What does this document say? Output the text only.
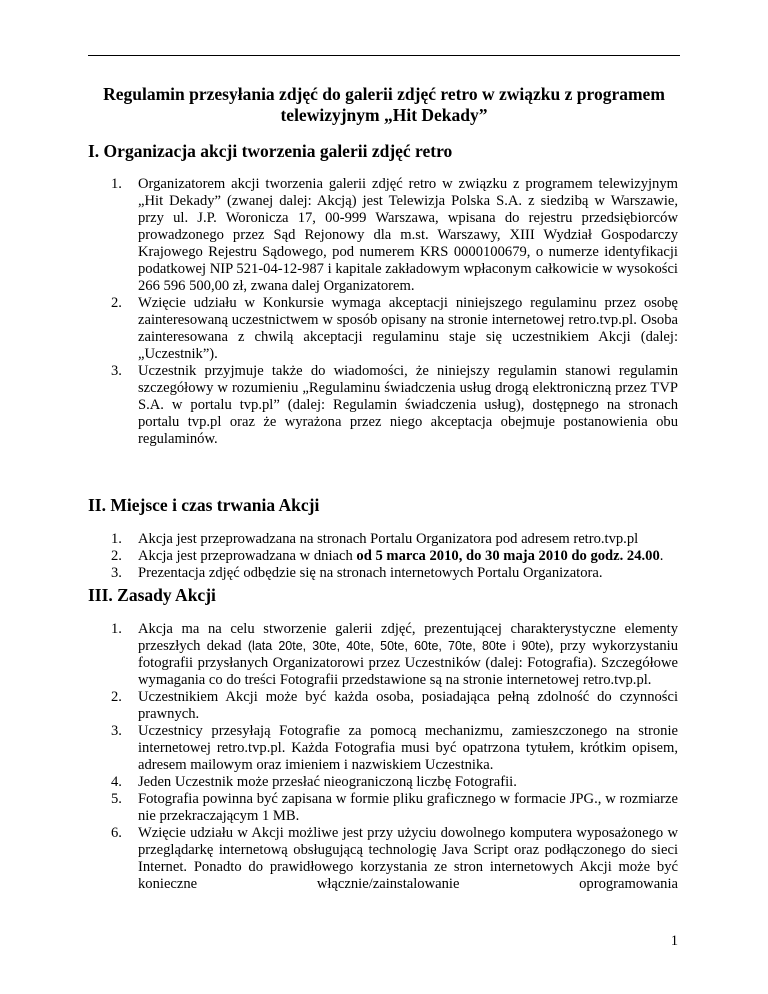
Regulamin przesyłania zdjęć do galerii zdjęć retro w związku z programem telewizyjnym „Hit Dekady”
I. Organizacja akcji tworzenia galerii zdjęć retro
1. Organizatorem akcji tworzenia galerii zdjęć retro w związku z programem telewizyjnym „Hit Dekady” (zwanej dalej: Akcją) jest Telewizja Polska S.A. z siedzibą w Warszawie, przy ul. J.P. Woronicza 17, 00-999 Warszawa, wpisana do rejestru przedsiębiorców prowadzonego przez Sąd Rejonowy dla m.st. Warszawy, XIII Wydział Gospodarczy Krajowego Rejestru Sądowego, pod numerem KRS 0000100679, o numerze identyfikacji podatkowej NIP 521-04-12-987 i kapitale zakładowym wpłaconym całkowicie w wysokości 266 596 500,00 zł, zwana dalej Organizatorem.
2. Wzięcie udziału w Konkursie wymaga akceptacji niniejszego regulaminu przez osobę zainteresowaną uczestnictwem w sposób opisany na stronie internetowej retro.tvp.pl. Osoba zainteresowana z chwilą akceptacji regulaminu staje się uczestnikiem Akcji (dalej: „Uczestnik”).
3. Uczestnik przyjmuje także do wiadomości, że niniejszy regulamin stanowi regulamin szczegółowy w rozumieniu „Regulaminu świadczenia usług drogą elektroniczną przez TVP S.A. w portalu tvp.pl” (dalej: Regulamin świadczenia usług), dostępnego na stronach portalu tvp.pl oraz że wyrażona przez niego akceptacja obejmuje postanowienia obu regulaminów.
II. Miejsce i czas trwania Akcji
1. Akcja jest przeprowadzana na stronach Portalu Organizatora pod adresem retro.tvp.pl
2. Akcja jest przeprowadzana w dniach od 5 marca 2010, do 30 maja 2010 do godz. 24.00.
3. Prezentacja zdjęć odbędzie się na stronach internetowych Portalu Organizatora.
III. Zasady Akcji
1. Akcja ma na celu stworzenie galerii zdjęć, prezentującej charakterystyczne elementy przeszłych dekad (lata 20te, 30te, 40te, 50te, 60te, 70te, 80te i 90te), przy wykorzystaniu fotografii przysłanych Organizatorowi przez Uczestników (dalej: Fotografia). Szczegółowe wymagania co do treści Fotografii przedstawione są na stronie internetowej retro.tvp.pl.
2. Uczestnikiem Akcji może być każda osoba, posiadająca pełną zdolność do czynności prawnych.
3. Uczestnicy przesyłają Fotografie za pomocą mechanizmu, zamieszczonego na stronie internetowej retro.tvp.pl. Każda Fotografia musi być opatrzona tytułem, krótkim opisem, adresem mailowym oraz imieniem i nazwiskiem Uczestnika.
4. Jeden Uczestnik może przesłać nieograniczoną liczbę Fotografii.
5. Fotografia powinna być zapisana w formie pliku graficznego w formacie JPG., w rozmiarze nie przekraczającym 1 MB.
6. Wzięcie udziału w Akcji możliwe jest przy użyciu dowolnego komputera wyposażonego w przeglądarkę internetową obsługującą technologię Java Script oraz podłączonego do sieci Internet. Ponadto do prawidłowego korzystania ze stron internetowych Akcji może być konieczne włącznie/zainstalowanie oprogramowania
1
